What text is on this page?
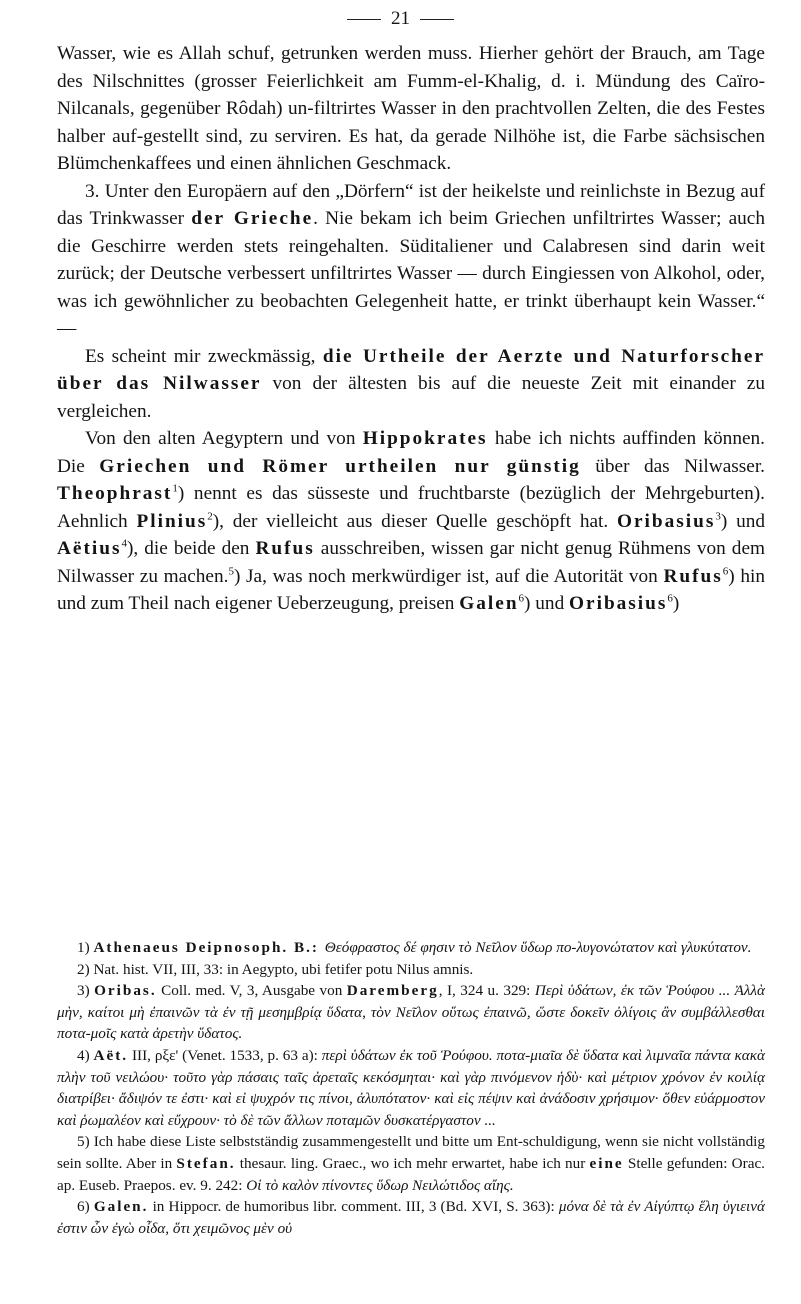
21

Wasser, wie es Allah schuf, getrunken werden muss. Hierher gehört der Brauch, am Tage des Nilschnittes (grosser Feierlichkeit am Fumm-el-Khalig, d. i. Mündung des Caïro-Nilcanals, gegenüber Rôdah) un-filtrirtes Wasser in den prachtvollen Zelten, die des Festes halber auf-gestellt sind, zu serviren. Es hat, da gerade Nilhöhe ist, die Farbe sächsischen Blümchenkaffees und einen ähnlichen Geschmack.

3. Unter den Europäern auf den „Dörfern“ ist der heikelste und reinlichste in Bezug auf das Trinkwasser der Grieche. Nie bekam ich beim Griechen unfiltrirtes Wasser; auch die Geschirre werden stets reingehalten. Süditaliener und Calabresen sind darin weit zurück; der Deutsche verbessert unfiltrirtes Wasser — durch Eingiessen von Alkohol, oder, was ich gewöhnlicher zu beobachten Gelegenheit hatte, er trinkt überhaupt kein Wasser.“ —

Es scheint mir zweckmässig, die Urtheile der Aerzte und Naturforscher über das Nilwasser von der ältesten bis auf die neueste Zeit mit einander zu vergleichen.

Von den alten Aegyptern und von Hippokrates habe ich nichts auffinden können. Die Griechen und Römer urtheilen nur günstig über das Nilwasser. Theophrast$^1$) nennt es das süsseste und fruchtbarste (bezüglich der Mehrgeburten). Aehnlich Plinius$^2$), der vielleicht aus dieser Quelle geschöpft hat. Oribasius$^3$) und Aëtius$^4$), die beide den Rufus ausschreiben, wissen gar nicht genug Rühmens von dem Nilwasser zu machen.$^5$) Ja, was noch merkwürdiger ist, auf die Autorität von Rufus$^6$) hin und zum Theil nach eigener Ueberzeugung, preisen Galen$^6$) und Oribasius$^6$)

1) Athenaeus Deipnosoph. B.: Θεόφραστος δέ φησιν τὸ Νεῖλον ὕδωρ πο-λυγονώτατον καὶ γλυκύτατον.

2) Nat. hist. VII, III, 33: in Aegypto, ubi fetifer potu Nilus amnis.

3) Oribas. Coll. med. V, 3, Ausgabe von Daremberg, I, 324 u. 329: Περὶ ὑδάτων, ἐκ τῶν Ῥούφου ... Ἀλλὰ μὴν, καίτοι μὴ ἐπαινῶν τὰ ἐν τῇ μεσημβρίᾳ ὕδατα, τὸν Νεῖλον οὕτως ἐπαινῶ, ὥστε δοκεῖν ὀλίγοις ἂν συμβάλλεσθαι ποτα-μοῖς κατὰ ἀρετὴν ὕδατος.

4) Aët. III, ρξε' (Venet. 1533, p. 63 a): περὶ ὑδάτων ἐκ τοῦ Ῥούφου. ποτα-μιαῖα δὲ ὕδατα καὶ λιμναῖα πάντα κακὰ πλὴν τοῦ νειλώου· τοῦτο γὰρ πάσαις ταῖς ἀρεταῖς κεκόσμηται· καὶ γὰρ πινόμενον ἡδὺ· καὶ μέτριον χρόνον ἐν κοιλίᾳ διατρίβει· ἄδιψόν τε ἐστι· καὶ εἰ ψυχρόν τις πίνοι, ἀλυπότατον· καὶ εἰς πέψιν καὶ ἀνάδοσιν χρήσιμον· ὅθεν εὐάρμοστον καὶ ῥωμαλέον καὶ εὔχρουν· τὸ δὲ τῶν ἄλλων ποταμῶν δυσκατέργαστον ...

5) Ich habe diese Liste selbstständig zusammengestellt und bitte um Ent-schuldigung, wenn sie nicht vollständig sein sollte. Aber in Stefan. thesaur. ling. Graec., wo ich mehr erwartet, habe ich nur eine Stelle gefunden: Orac. ap. Euseb. Praepos. ev. 9. 242: Οἱ τὸ καλὸν πίνοντες ὕδωρ Νειλώτιδος αἴης.

6) Galen. in Hippocr. de humoribus libr. comment. III, 3 (Bd. XVI, S. 363): μόνα δὲ τὰ ἐν Αἰγύπτῳ ἕλη ὑγιεινά ἐστιν ὧν ἐγὼ οἶδα, ὅτι χειμῶνος μὲν οὐ
